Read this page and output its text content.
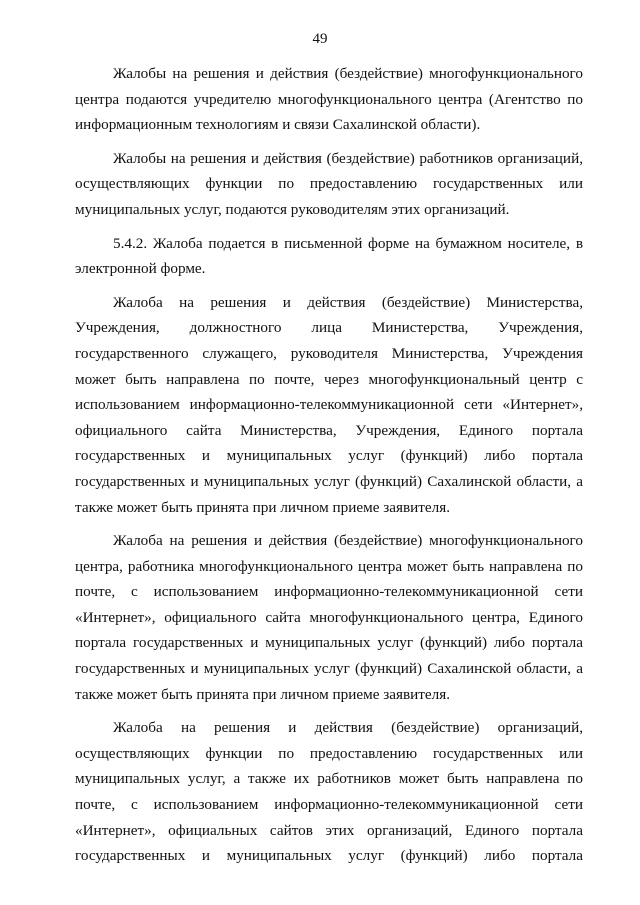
49

Жалобы на решения и действия (бездействие) многофункционального центра подаются учредителю многофункционального центра (Агентство по информационным технологиям и связи Сахалинской области).

Жалобы на решения и действия (бездействие) работников организаций, осуществляющих функции по предоставлению государственных или муниципальных услуг, подаются руководителям этих организаций.

5.4.2. Жалоба подается в письменной форме на бумажном носителе, в электронной форме.

Жалоба на решения и действия (бездействие) Министерства, Учреждения, должностного лица Министерства, Учреждения, государственного служащего, руководителя Министерства, Учреждения может быть направлена по почте, через многофункциональный центр с использованием информационно-телекоммуникационной сети «Интернет», официального сайта Министерства, Учреждения, Единого портала государственных и муниципальных услуг (функций) либо портала государственных и муниципальных услуг (функций) Сахалинской области, а также может быть принята при личном приеме заявителя.

Жалоба на решения и действия (бездействие) многофункционального центра, работника многофункционального центра может быть направлена по почте, с использованием информационно-телекоммуникационной сети «Интернет», официального сайта многофункционального центра, Единого портала государственных и муниципальных услуг (функций) либо портала государственных и муниципальных услуг (функций) Сахалинской области, а также может быть принята при личном приеме заявителя.

Жалоба на решения и действия (бездействие) организаций, осуществляющих функции по предоставлению государственных или муниципальных услуг, а также их работников может быть направлена по почте, с использованием информационно-телекоммуникационной сети «Интернет», официальных сайтов этих организаций, Единого портала государственных и муниципальных услуг (функций) либо портала
